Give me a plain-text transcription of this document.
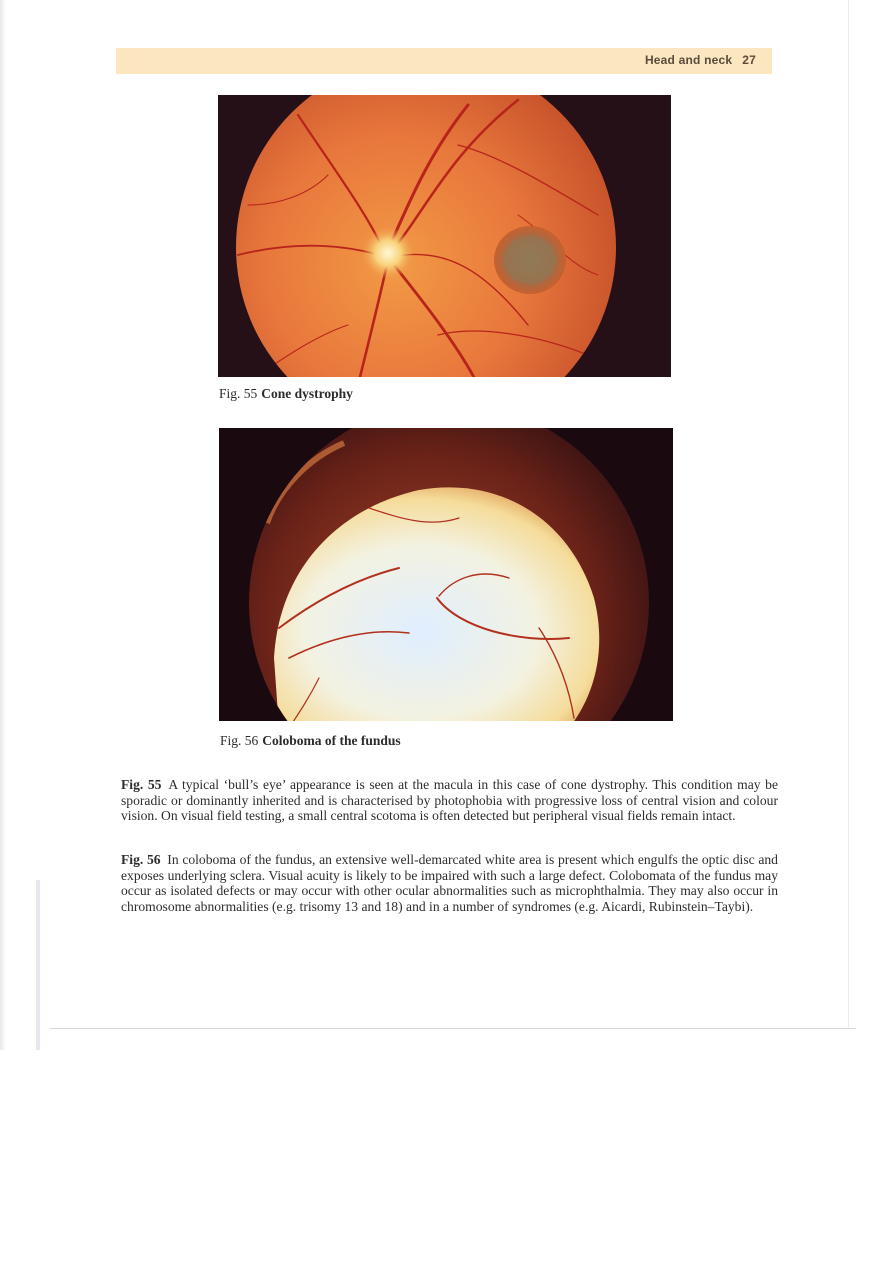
Head and neck 27
Fig. 55 Cone dystrophy
Fig. 56 Coloboma of the fundus

Fig. 55 A typical ‘bull’s eye’ appearance is seen at the macula in this case of cone dystrophy. This condition may be sporadic or dominantly inherited and is characterised by photophobia with progressive loss of central vision and colour vision. On visual field testing, a small central scotoma is often detected but peripheral visual fields remain intact.

Fig. 56 In coloboma of the fundus, an extensive well-demarcated white area is present which engulfs the optic disc and exposes underlying sclera. Visual acuity is likely to be impaired with such a large defect. Colobomata of the fundus may occur as isolated defects or may occur with other ocular abnormalities such as microphthalmia. They may also occur in chromosome abnormalities (e.g. trisomy 13 and 18) and in a number of syndromes (e.g. Aicardi, Rubinstein–Taybi).
